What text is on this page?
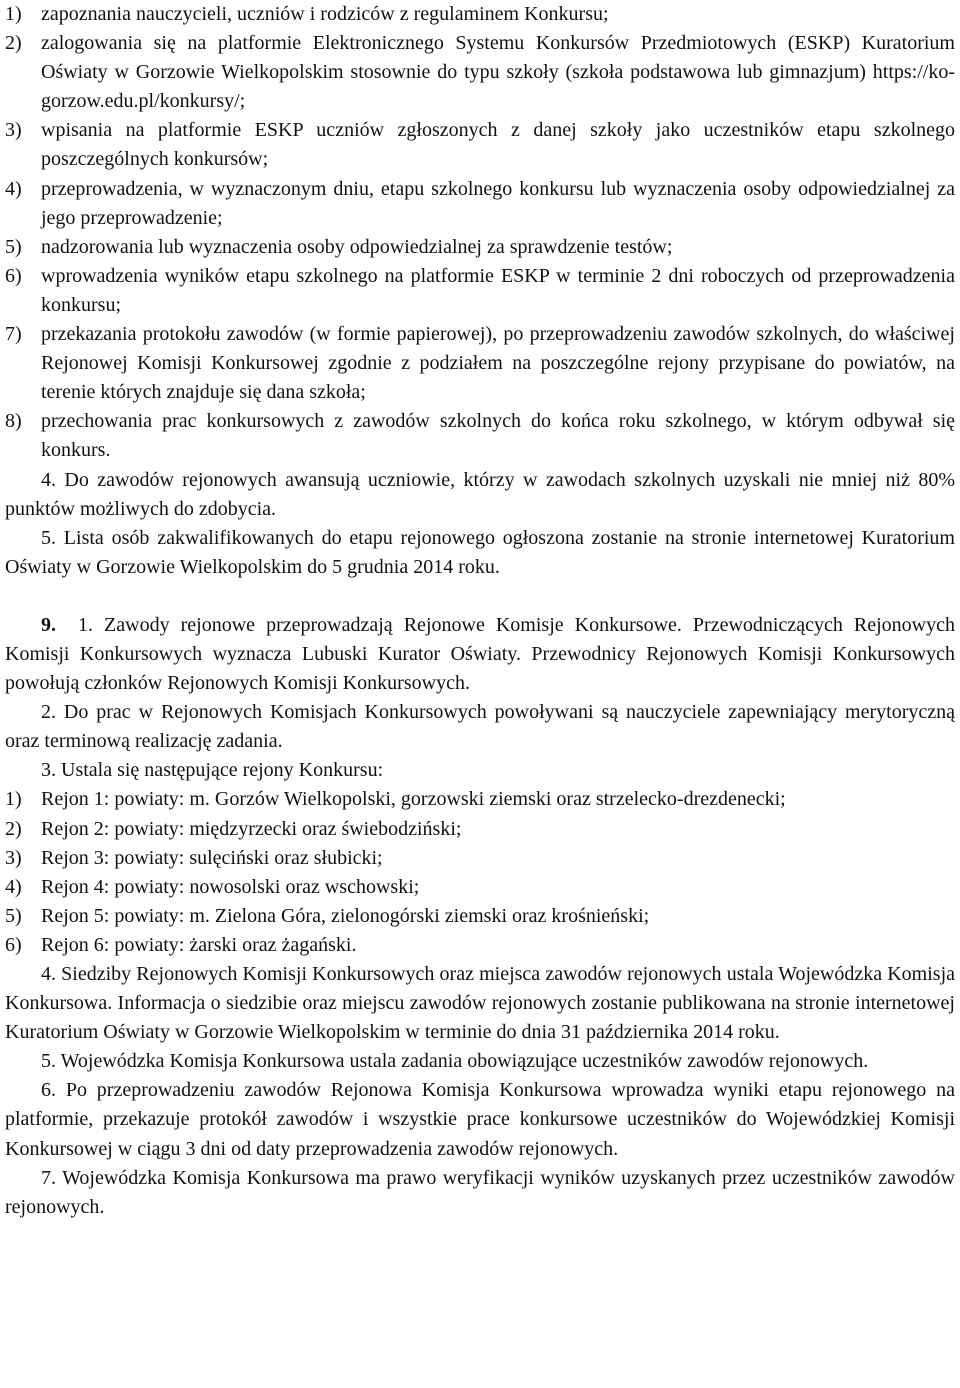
1) zapoznania nauczycieli, uczniów i rodziców z regulaminem Konkursu;
2) zalogowania się na platformie Elektronicznego Systemu Konkursów Przedmiotowych (ESKP) Kuratorium Oświaty w Gorzowie Wielkopolskim stosownie do typu szkoły (szkoła podstawowa lub gimnazjum) https://ko-gorzow.edu.pl/konkursy/;
3) wpisania na platformie ESKP uczniów zgłoszonych z danej szkoły jako uczestników etapu szkolnego poszczególnych konkursów;
4) przeprowadzenia, w wyznaczonym dniu, etapu szkolnego konkursu lub wyznaczenia osoby odpowiedzialnej za jego przeprowadzenie;
5) nadzorowania lub wyznaczenia osoby odpowiedzialnej za sprawdzenie testów;
6) wprowadzenia wyników etapu szkolnego na platformie ESKP w terminie 2 dni roboczych od przeprowadzenia konkursu;
7) przekazania protokołu zawodów (w formie papierowej), po przeprowadzeniu zawodów szkolnych, do właściwej Rejonowej Komisji Konkursowej zgodnie z podziałem na poszczególne rejony przypisane do powiatów, na terenie których znajduje się dana szkoła;
8) przechowania prac konkursowych z zawodów szkolnych do końca roku szkolnego, w którym odbywał się konkurs.

4. Do zawodów rejonowych awansują uczniowie, którzy w zawodach szkolnych uzyskali nie mniej niż 80% punktów możliwych do zdobycia.

5. Lista osób zakwalifikowanych do etapu rejonowego ogłoszona zostanie na stronie internetowej Kuratorium Oświaty w Gorzowie Wielkopolskim do 5 grudnia 2014 roku.

9. 1. Zawody rejonowe przeprowadzają Rejonowe Komisje Konkursowe. Przewodniczących Rejonowych Komisji Konkursowych wyznacza Lubuski Kurator Oświaty. Przewodnicy Rejonowych Komisji Konkursowych powołują członków Rejonowych Komisji Konkursowych.

2. Do prac w Rejonowych Komisjach Konkursowych powoływani są nauczyciele zapewniający merytoryczną oraz terminową realizację zadania.

3. Ustala się następujące rejony Konkursu:

1) Rejon 1: powiaty: m. Gorzów Wielkopolski, gorzowski ziemski oraz strzelecko-drezdenecki;
2) Rejon 2: powiaty: międzyrzecki oraz świebodziński;
3) Rejon 3: powiaty: sulęciński oraz słubicki;
4) Rejon 4: powiaty: nowosolski oraz wschowski;
5) Rejon 5: powiaty: m. Zielona Góra, zielonogórski ziemski oraz krośnieński;
6) Rejon 6: powiaty: żarski oraz żagański.

4. Siedziby Rejonowych Komisji Konkursowych oraz miejsca zawodów rejonowych ustala Wojewódzka Komisja Konkursowa. Informacja o siedzibie oraz miejscu zawodów rejonowych zostanie publikowana na stronie internetowej Kuratorium Oświaty w Gorzowie Wielkopolskim w terminie do dnia 31 października 2014 roku.

5. Wojewódzka Komisja Konkursowa ustala zadania obowiązujące uczestników zawodów rejonowych.

6. Po przeprowadzeniu zawodów Rejonowa Komisja Konkursowa wprowadza wyniki etapu rejonowego na platformie, przekazuje protokół zawodów i wszystkie prace konkursowe uczestników do Wojewódzkiej Komisji Konkursowej w ciągu 3 dni od daty przeprowadzenia zawodów rejonowych.

7. Wojewódzka Komisja Konkursowa ma prawo weryfikacji wyników uzyskanych przez uczestników zawodów rejonowych.
